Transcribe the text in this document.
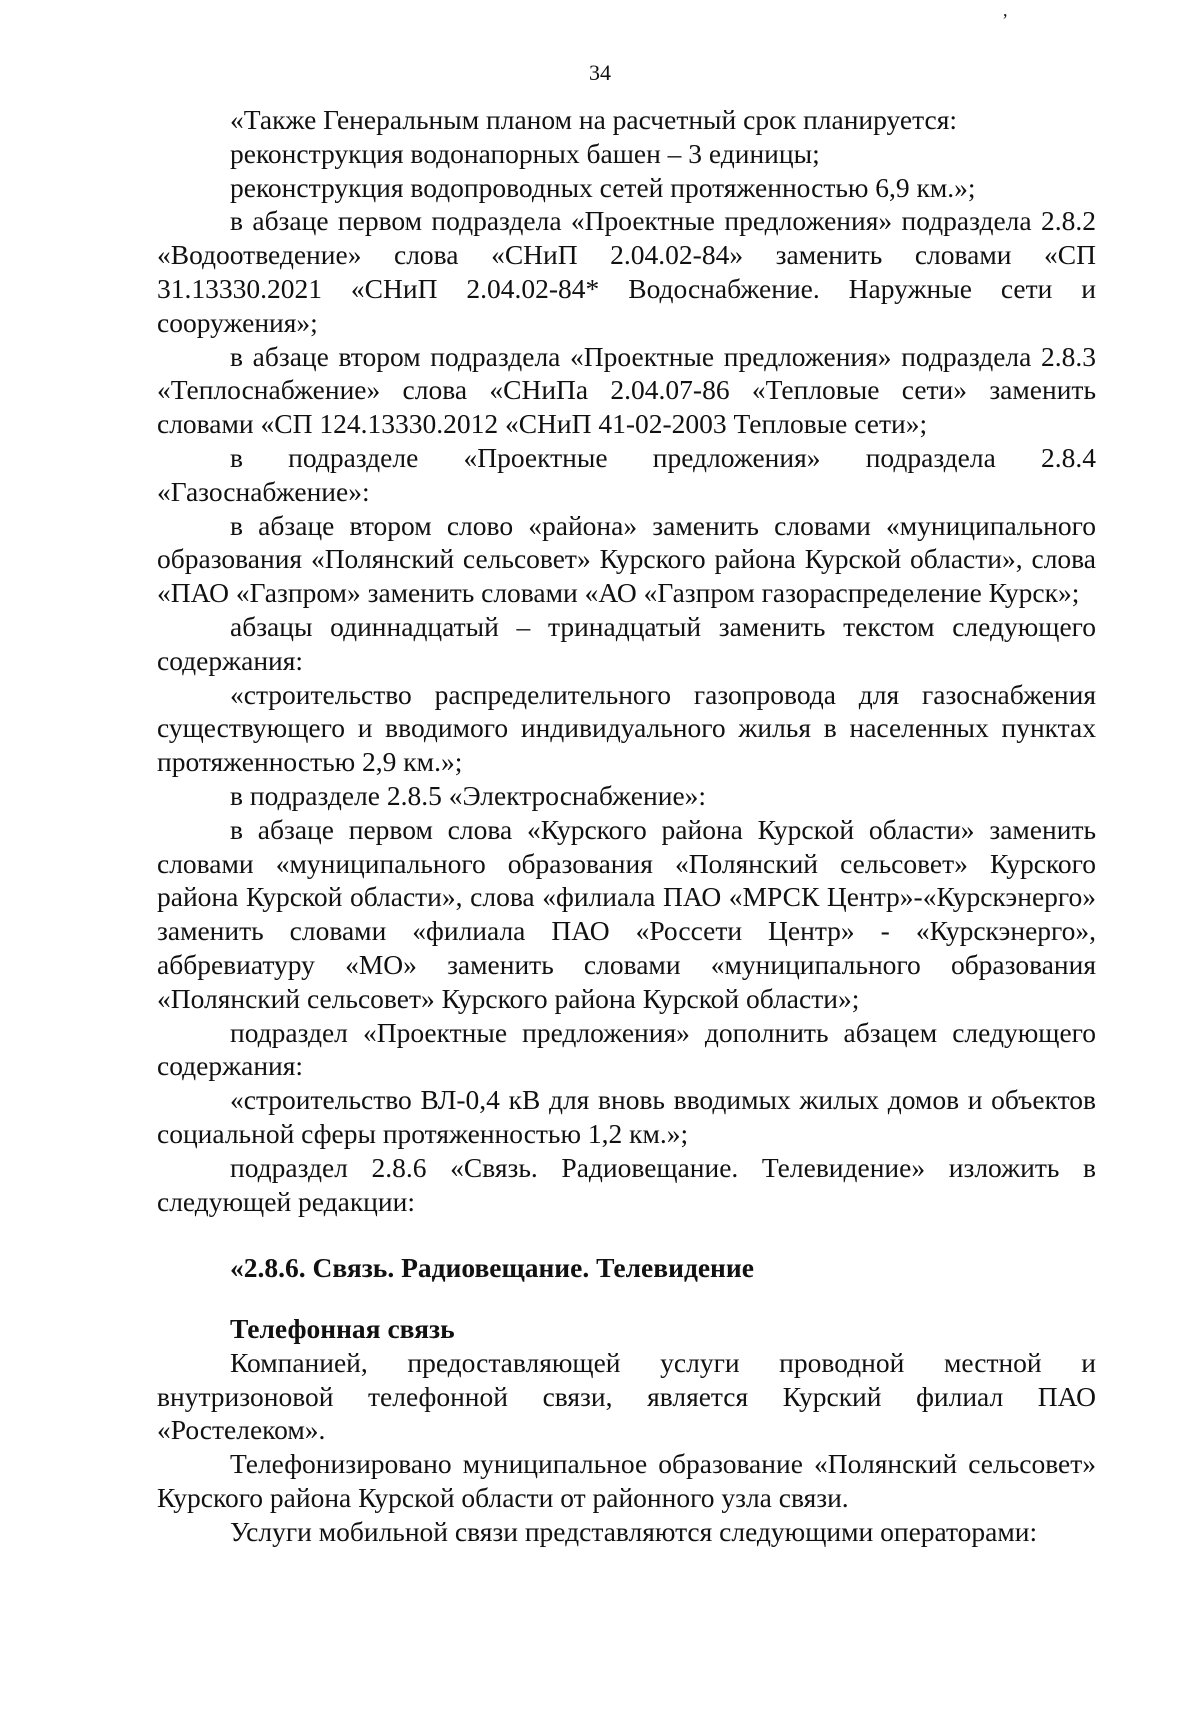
,
34

«Также Генеральным планом на расчетный срок планируется:

реконструкция водонапорных башен – 3 единицы;

реконструкция водопроводных сетей протяженностью 6,9 км.»;

в абзаце первом подраздела «Проектные предложения» подраздела 2.8.2 «Водоотведение» слова «СНиП 2.04.02-84» заменить словами «СП 31.13330.2021 «СНиП 2.04.02-84* Водоснабжение. Наружные сети и сооружения»;

в абзаце втором подраздела «Проектные предложения» подраздела 2.8.3 «Теплоснабжение» слова «СНиПа 2.04.07-86 «Тепловые сети» заменить словами «СП 124.13330.2012 «СНиП 41-02-2003 Тепловые сети»;

в подразделе «Проектные предложения» подраздела 2.8.4 «Газоснабжение»:

в абзаце втором слово «района» заменить словами «муниципального образования «Полянский сельсовет» Курского района Курской области», слова «ПАО «Газпром» заменить словами «АО «Газпром газораспределение Курск»;

абзацы одиннадцатый – тринадцатый заменить текстом следующего содержания:

«строительство распределительного газопровода для газоснабжения существующего и вводимого индивидуального жилья в населенных пунктах протяженностью 2,9 км.»;

в подразделе 2.8.5 «Электроснабжение»:

в абзаце первом слова «Курского района Курской области» заменить словами «муниципального образования «Полянский сельсовет» Курского района Курской области», слова «филиала ПАО «МРСК Центр»-«Курскэнерго» заменить словами «филиала ПАО «Россети Центр» - «Курскэнерго», аббревиатуру «МО» заменить словами «муниципального образования «Полянский сельсовет» Курского района Курской области»;

подраздел «Проектные предложения» дополнить абзацем следующего содержания:

«строительство ВЛ-0,4 кВ для вновь вводимых жилых домов и объектов социальной сферы протяженностью 1,2 км.»;

подраздел 2.8.6 «Связь. Радиовещание. Телевидение» изложить в следующей редакции:

«2.8.6. Связь. Радиовещание. Телевидение

Телефонная связь

Компанией, предоставляющей услуги проводной местной и внутризоновой телефонной связи, является Курский филиал ПАО «Ростелеком».

Телефонизировано муниципальное образование «Полянский сельсовет» Курского района Курской области от районного узла связи.

Услуги мобильной связи представляются следующими операторами:
